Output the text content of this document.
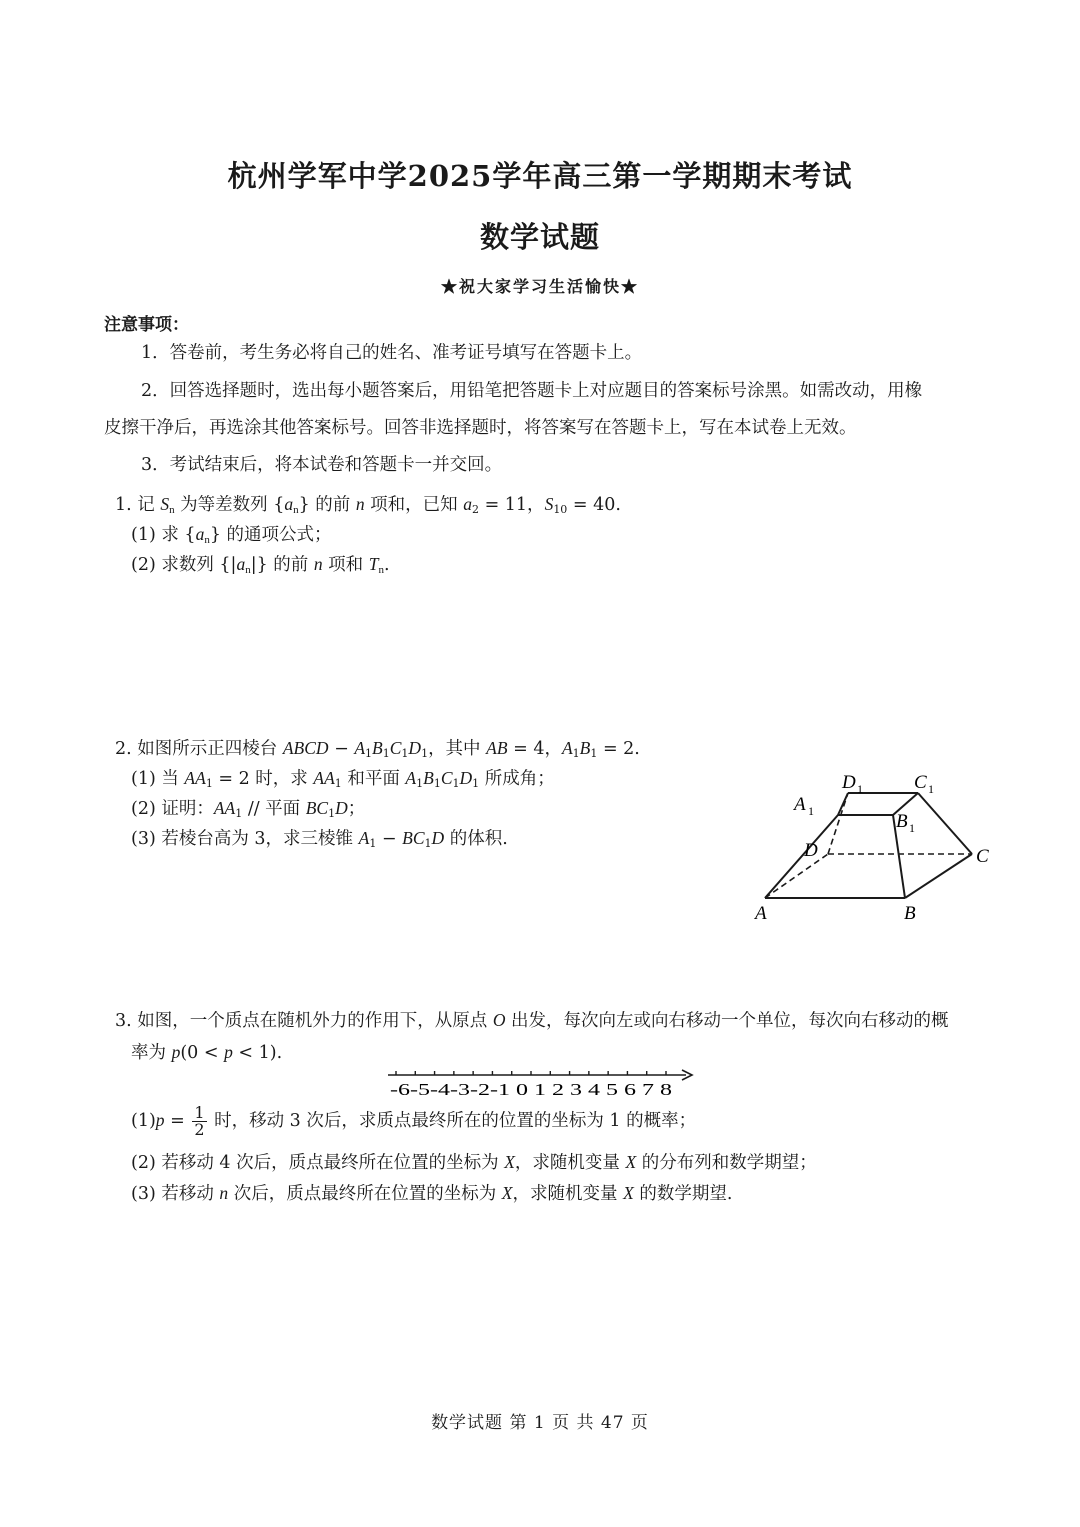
杭州学军中学2025学年高三第一学期期末考试
数学试题
★祝大家学习生活愉快★
注意事项：
1．答卷前，考生务必将自己的姓名、准考证号填写在答题卡上。
2．回答选择题时，选出每小题答案后，用铅笔把答题卡上对应题目的答案标号涂黑。如需改动，用橡
皮擦干净后，再选涂其他答案标号。回答非选择题时，将答案写在答题卡上，写在本试卷上无效。
3．考试结束后，将本试卷和答题卡一并交回。
1. 记 $S_n$ 为等差数列 $\{a_n\}$ 的前 n 项和，已知 $a_2 = 11$，$S_{10} = 40$.
(1) 求 $\{a_n\}$ 的通项公式；
(2) 求数列 $\{|a_n|\}$ 的前 n 项和 $T_n$.
2. 如图所示正四棱台 ABCD − $A_1B_1C_1D_1$，其中 AB = 4，$A_1B_1 = 2$.
(1) 当 $AA_1 = 2$ 时，求 $AA_1$ 和平面 $A_1B_1C_1D_1$ 所成角；
(2) 证明：$AA_1$ // 平面 $BC_1D$；
(3) 若棱台高为 3，求三棱锥 $A_1 - BC_1D$ 的体积.
A	B
C
D
A 1	B 1
C 1
D 1
3. 如图，一个质点在随机外力的作用下，从原点 O 出发，每次向左或向右移动一个单位，每次向右移动的概
率为 p(0 < p < 1).
-6-5-4-3-2-1 0 1 2 3 4 5 6 7 8
$(1)p = \frac{1}{2}$ 时，移动 3 次后，求质点最终所在的位置的坐标为 1 的概率；
(2) 若移动 4 次后，质点最终所在位置的坐标为 X，求随机变量 X 的分布列和数学期望；
(3) 若移动 n 次后，质点最终所在位置的坐标为 X，求随机变量 X 的数学期望.
数学试题 第 1 页 共 47 页
